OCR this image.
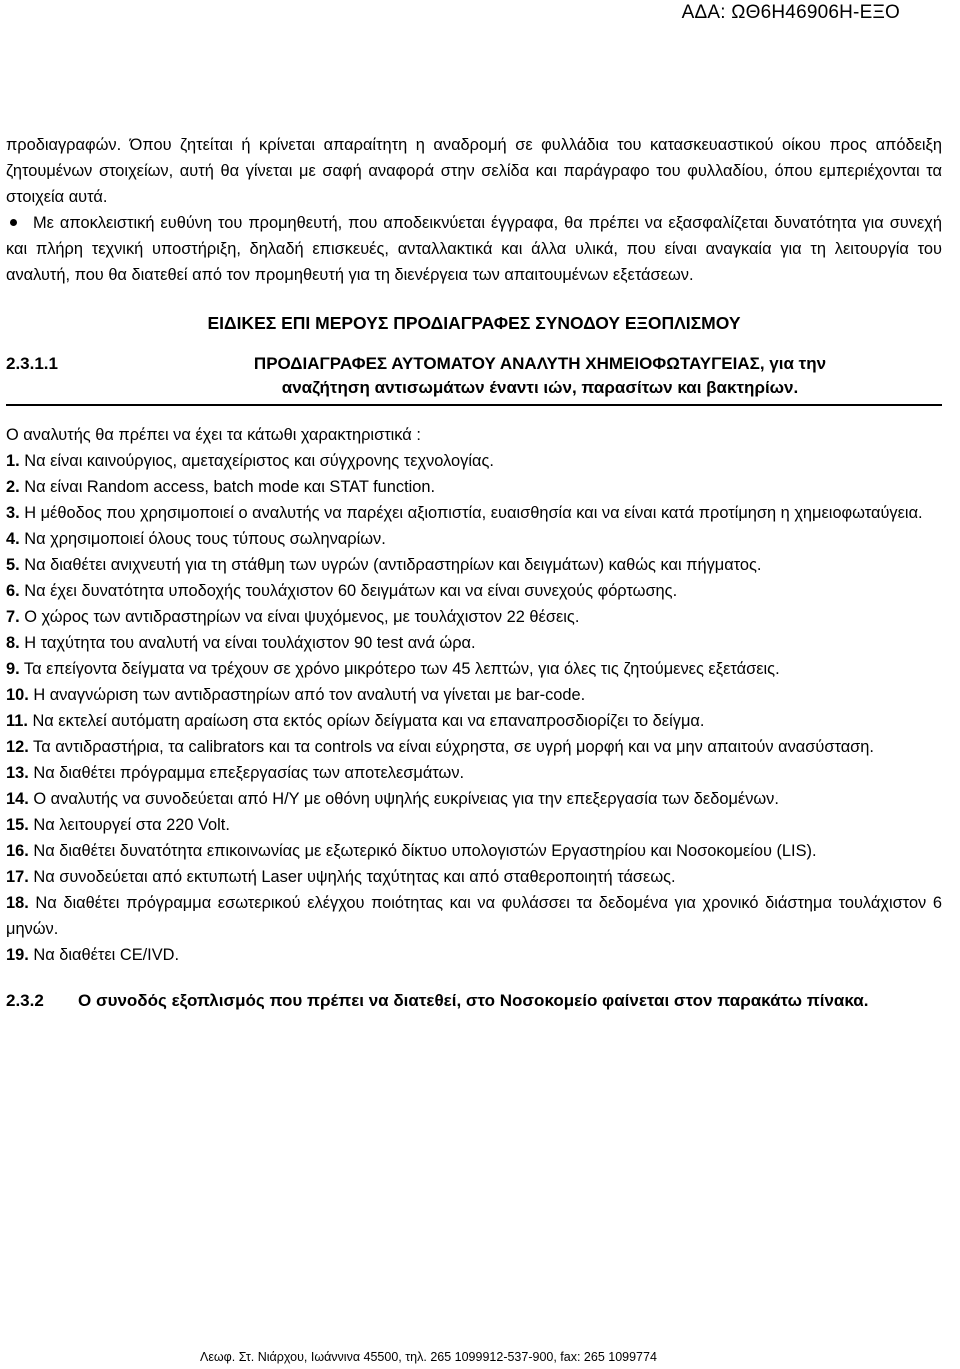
ΑΔΑ: ΩΘ6Η46906Η-ΕΞΟ
προδιαγραφών. Όπου ζητείται ή κρίνεται απαραίτητη η αναδρομή σε φυλλάδια του κατασκευαστικού οίκου προς απόδειξη ζητουμένων στοιχείων, αυτή θα γίνεται με σαφή αναφορά στην σελίδα και παράγραφο του φυλλαδίου, όπου εμπεριέχονται τα στοιχεία αυτά.
Με αποκλειστική ευθύνη του προμηθευτή, που αποδεικνύεται έγγραφα, θα πρέπει να εξασφαλίζεται δυνατότητα για συνεχή και πλήρη τεχνική υποστήριξη, δηλαδή επισκευές, ανταλλακτικά και άλλα υλικά, που είναι αναγκαία για τη λειτουργία του αναλυτή, που θα διατεθεί από τον προμηθευτή για τη διενέργεια των απαιτουμένων εξετάσεων.
ΕΙΔΙΚΕΣ ΕΠΙ ΜΕΡΟΥΣ ΠΡΟΔΙΑΓΡΑΦΕΣ ΣΥΝΟΔΟΥ ΕΞΟΠΛΙΣΜΟΥ
2.3.1.1	ΠΡΟΔΙΑΓΡΑΦΕΣ ΑΥΤΟΜΑΤΟΥ ΑΝΑΛΥΤΗ ΧΗΜΕΙΟΦΩΤΑΥΓΕΙΑΣ, για την
αναζήτηση αντισωμάτων έναντι ιών, παρασίτων και βακτηρίων.
Ο αναλυτής θα πρέπει να έχει τα κάτωθι χαρακτηριστικά :
1. Να είναι καινούργιος, αμεταχείριστος και σύγχρονης τεχνολογίας.
2. Να είναι Random access, batch mode και STAT function.
3. Η μέθοδος που χρησιμοποιεί ο αναλυτής να παρέχει αξιοπιστία, ευαισθησία και να είναι κατά προτίμηση η χημειοφωταύγεια.
4. Να χρησιμοποιεί όλους τους τύπους σωληναρίων.
5. Να διαθέτει ανιχνευτή για τη στάθμη των υγρών (αντιδραστηρίων και δειγμάτων) καθώς και πήγματος.
6. Να έχει δυνατότητα υποδοχής τουλάχιστον 60 δειγμάτων και να είναι συνεχούς φόρτωσης.
7. Ο χώρος των αντιδραστηρίων να είναι ψυχόμενος, με τουλάχιστον 22 θέσεις.
8. Η ταχύτητα του αναλυτή να είναι τουλάχιστον 90 test ανά ώρα.
9. Τα επείγοντα δείγματα να τρέχουν σε χρόνο μικρότερο των 45 λεπτών, για όλες τις ζητούμενες εξετάσεις.
10. Η αναγνώριση των αντιδραστηρίων από τον αναλυτή να γίνεται με bar-code.
11. Να εκτελεί αυτόματη αραίωση στα εκτός ορίων δείγματα και να επαναπροσδιορίζει το δείγμα.
12. Τα αντιδραστήρια, τα calibrators και τα controls να είναι εύχρηστα, σε υγρή μορφή και να μην απαιτούν ανασύσταση.
13. Να διαθέτει πρόγραμμα επεξεργασίας των αποτελεσμάτων.
14. Ο αναλυτής να συνοδεύεται από Η/Υ με οθόνη υψηλής ευκρίνειας για την επεξεργασία των δεδομένων.
15. Να λειτουργεί στα 220 Volt.
16. Να διαθέτει δυνατότητα επικοινωνίας με εξωτερικό δίκτυο υπολογιστών Εργαστηρίου και Νοσοκομείου (LIS).
17. Να συνοδεύεται από εκτυπωτή Laser υψηλής ταχύτητας και από σταθεροποιητή τάσεως.
18. Να διαθέτει πρόγραμμα εσωτερικού ελέγχου ποιότητας και να φυλάσσει τα δεδομένα για χρονικό διάστημα τουλάχιστον 6 μηνών.
19. Να διαθέτει CE/IVD.
2.3.2	Ο συνοδός εξοπλισμός που πρέπει να διατεθεί, στο Νοσοκομείο φαίνεται στον παρακάτω πίνακα.
Λεωφ. Στ. Νιάρχου, Ιωάννινα 45500, τηλ. 265 1099912-537-900, fax: 265 1099774
